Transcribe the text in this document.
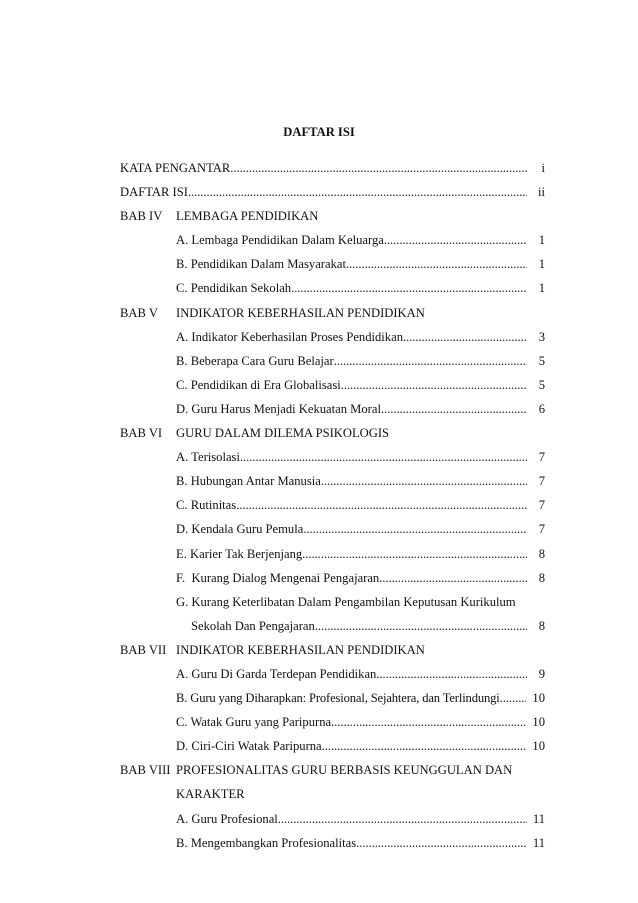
DAFTAR ISI
KATA PENGANTAR . . .	i
DAFTAR ISI . . .	ii
BAB IV	LEMBAGA PENDIDIKAN
A. Lembaga Pendidikan Dalam Keluarga . . .	1
B. Pendidikan Dalam Masyarakat . . .	1
C. Pendidikan Sekolah . . .	1
BAB V	INDIKATOR KEBERHASILAN PENDIDIKAN
A. Indikator Keberhasilan Proses Pendidikan . . .	3
B. Beberapa Cara Guru Belajar . . .	5
C. Pendidikan di Era Globalisasi . . .	5
D. Guru Harus Menjadi Kekuatan Moral . . .	6
BAB VI	GURU DALAM DILEMA PSIKOLOGIS
A. Terisolasi . . .	7
B. Hubungan Antar Manusia . . .	7
C. Rutinitas . . .	7
D. Kendala Guru Pemula . . .	7
E. Karier Tak Berjenjang . . .	8
F.  Kurang Dialog Mengenai Pengajaran . . .	8
G. Kurang Keterlibatan Dalam Pengambilan Keputusan Kurikulum
Sekolah Dan Pengajaran . . .	8
BAB VII INDIKATOR KEBERHASILAN PENDIDIKAN
A. Guru Di Garda Terdepan Pendidikan . . .	9
B. Guru yang Diharapkan: Profesional, Sejahtera, dan Terlindungi . . .	10
C. Watak Guru yang Paripurna . . .	10
D. Ciri-Ciri Watak Paripurna . . .	10
BAB VIII PROFESIONALITAS GURU BERBASIS KEUNGGULAN DAN
KARAKTER
A. Guru Profesional . . .	11
B. Mengembangkan Profesionalitas . . .	11
